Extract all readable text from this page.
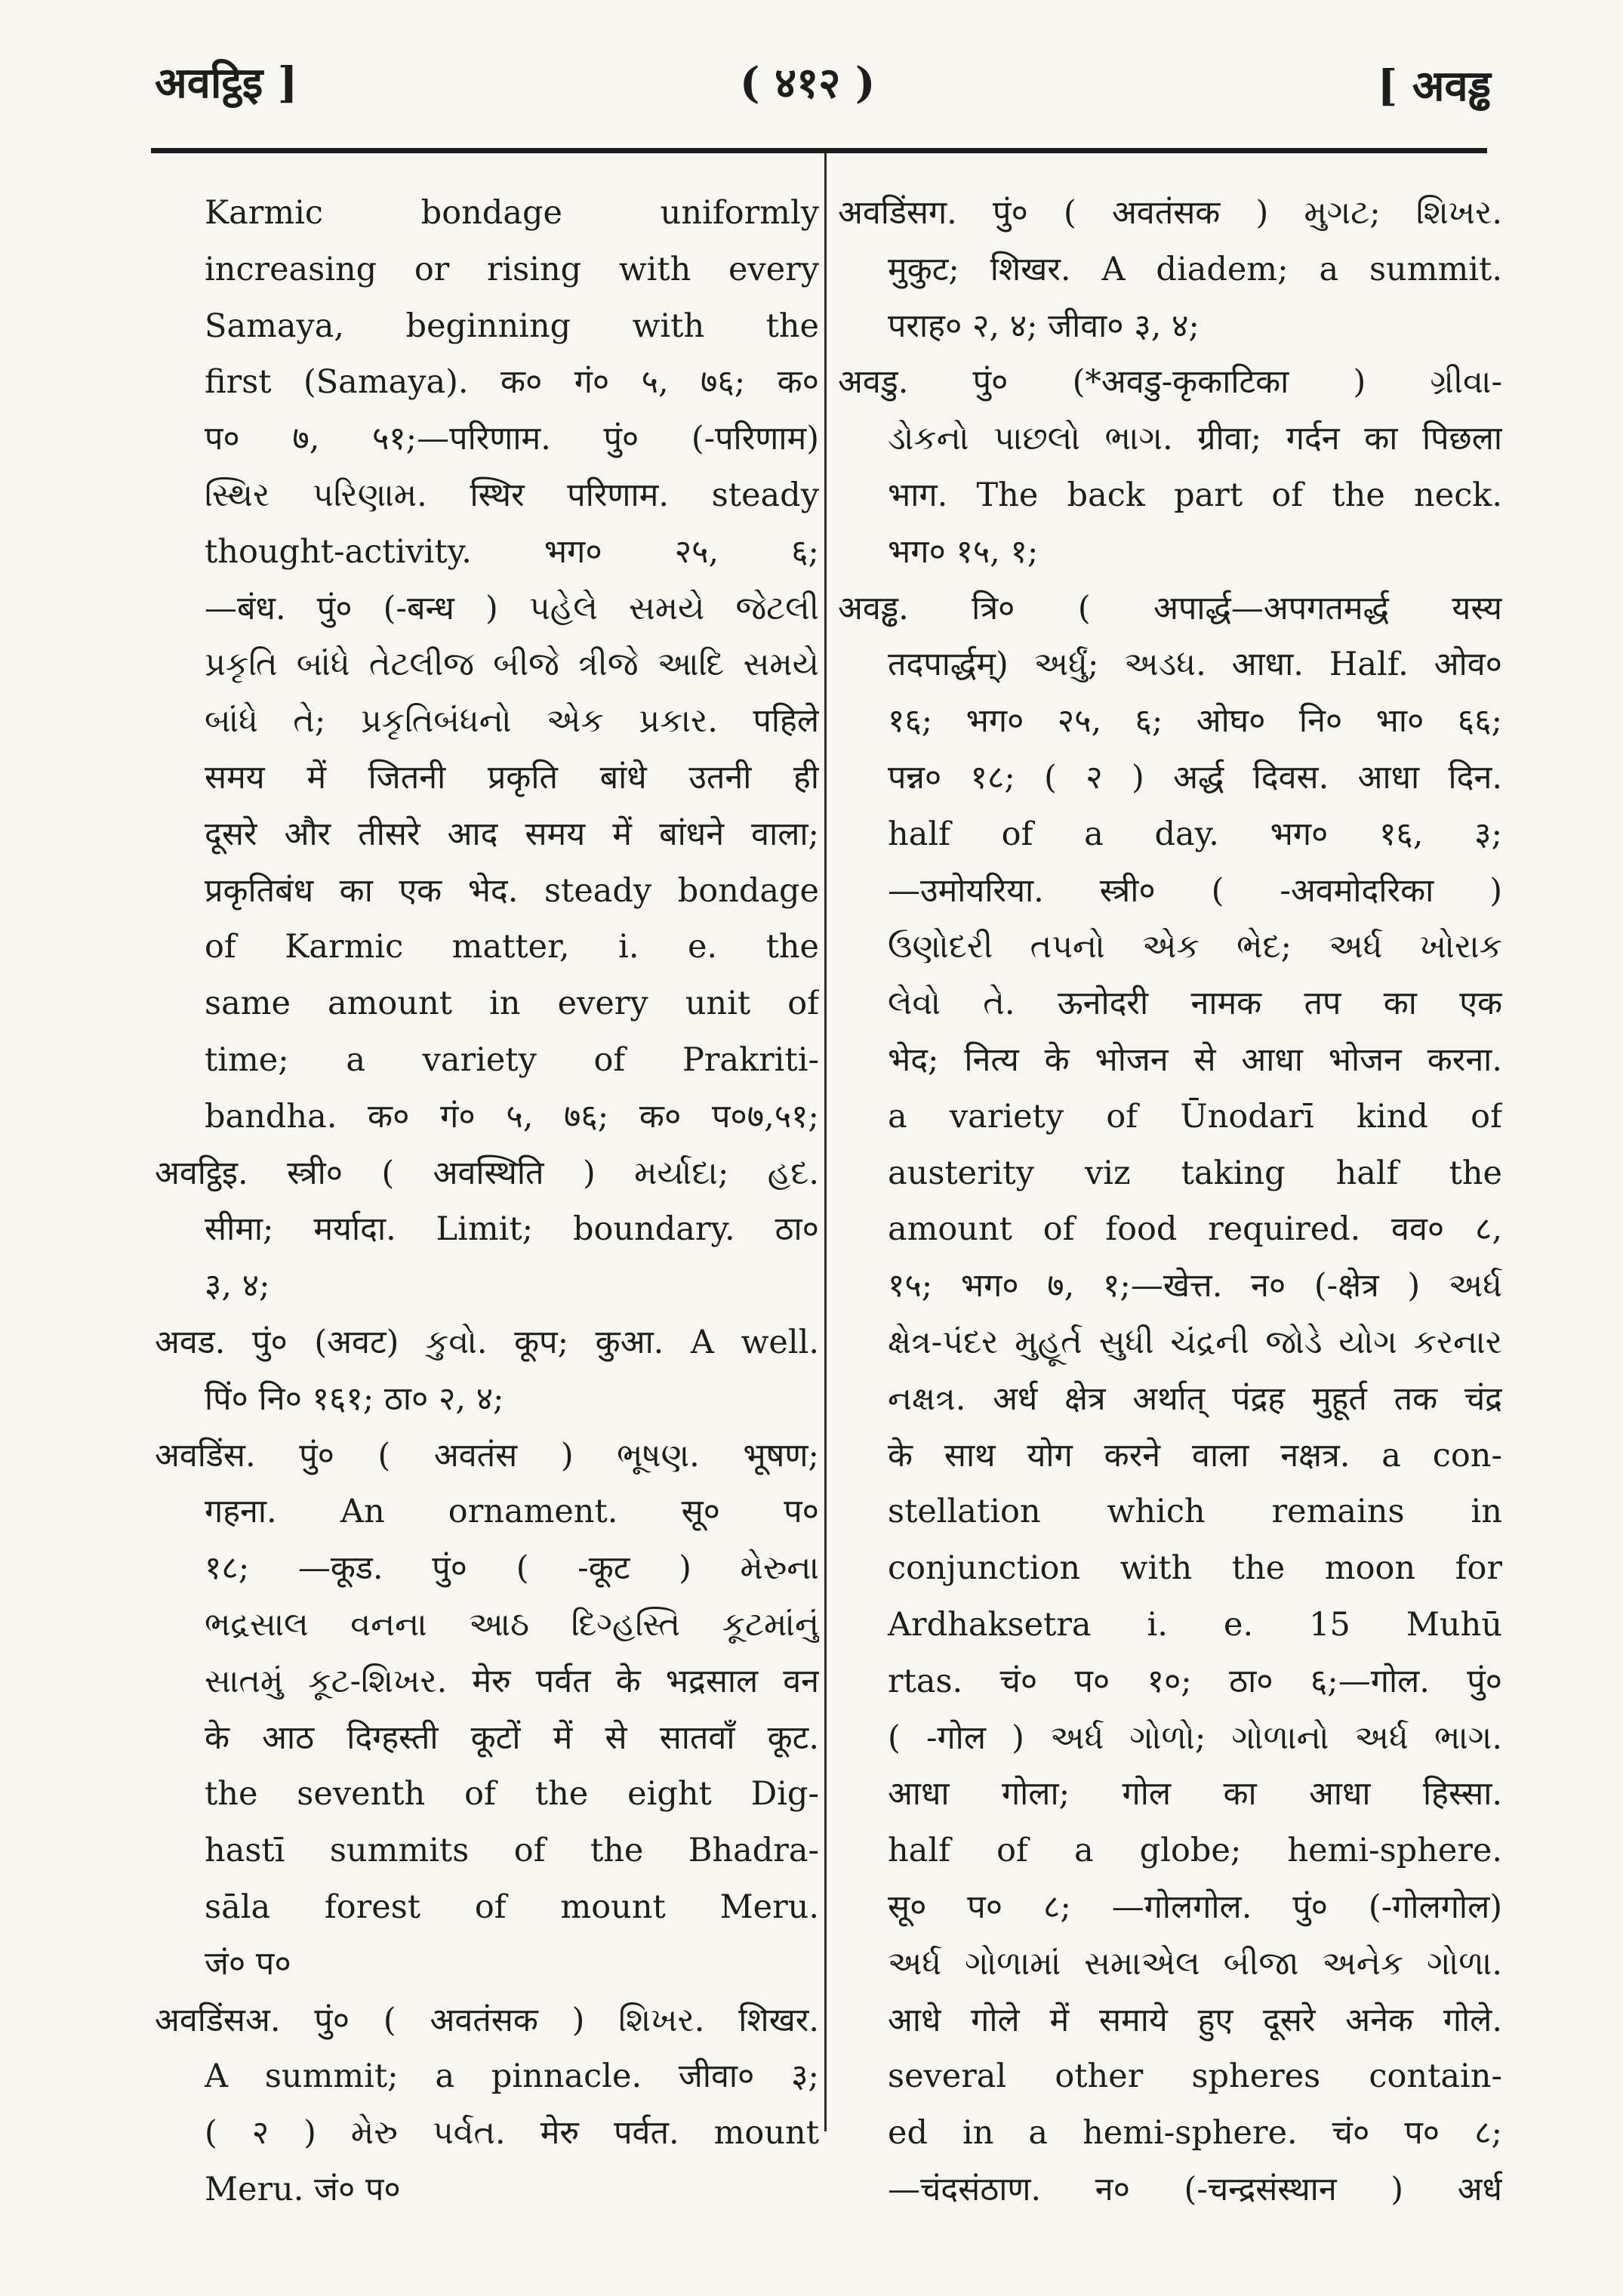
अवट्ठिइ ]	( ४१२ )	[ अवड्ढ
Karmic bondage uniformly
increasing or rising with every
Samaya, beginning with the
first (Samaya). क० गं० ५, ७६; क०
प० ७, ५१;—परिणाम. पुं० (-परिणाम)
સ્થિર પરિણામ. स्थिर परिणाम. steady
thought-activity. भग० २५, ६;
—बंध. पुं० (-बन्ध ) પહેલે સમયે જેટલી
પ્રકૃતિ બાંધે તેટલીજ બીજે ત્રીજે આદિ સમયે
બાંધે તે; પ્રકૃતિબંધનો એક પ્રકાર. पहिले
समय में जितनी प्रकृति बांधे उतनी ही
दूसरे और तीसरे आद समय में बांधने वाला;
प्रकृतिबंध का एक भेद. steady bondage
of Karmic matter, i. e. the
same amount in every unit of
time; a variety of Prakriti-
bandha. क० गं० ५, ७६; क० प०७,५१;
अवट्ठिइ. स्त्री० ( अवस्थिति ) મર્યાદા; હદ.
सीमा; मर्यादा. Limit; boundary. ठा०
३, ४;
अवड. पुं० (अवट) કુવો. कूप; कुआ. A well.
पिं० नि० १६१; ठा० २, ४;
अवडिंस. पुं० ( अवतंस ) ભૂષણ. भूषण;
गहना. An ornament. सू० प०
१८; —कूड. पुं० ( -कूट ) મેરુના
ભદ્રસાલ વનના આઠ દિગ્હસ્તિ કૂટમાંનું
સાતમું કૂટ-શિખર. मेरु पर्वत के भद्रसाल वन
के आठ दिग्हस्ती कूटों में से सातवाँ कूट.
the seventh of the eight Dig-
hastī summits of the Bhadra-
sāla forest of mount Meru.
जं० प०
अवडिंसअ. पुं० ( अवतंसक ) શિખર. शिखर.
A summit; a pinnacle. जीवा० ३;
( २ ) મેરુ પર્વત. मेरु पर्वत. mount
Meru. जं० प०
अवडिंसग. पुं० ( अवतंसक ) મુગટ; શિખર.
मुकुट; शिखर. A diadem; a summit.
पराह० २, ४; जीवा० ३, ४;
अवडु. पुं० (*अवडु-कृकाटिका ) ગ્રીવા-
ડોકનો પાછલો ભાગ. ग्रीवा; गर्दन का पिछला
भाग. The back part of the neck.
भग० १५, १;
अवड्ढ. त्रि० ( अपार्द्ध—अपगतमर्द्ध यस्य
तदपार्द्धम्) અર્ધું; અડધ. आधा. Half. ओव०
१६; भग० २५, ६; ओघ० नि० भा० ६६;
पन्न० १८; ( २ ) अर्द्ध दिवस. आधा दिन.
half of a day. भग० १६, ३;
—उमोयरिया. स्त्री० ( -अवमोदरिका )
ઉણોદરી તપનો એક ભેદ; અર્ધ ખોરાક
લેવો તે. ऊनोदरी नामक तप का एक
भेद; नित्य के भोजन से आधा भोजन करना.
a variety of Ūnodarī kind of
austerity viz taking half the
amount of food required. वव० ८,
१५; भग० ७, १;—खेत्त. न० (-क्षेत्र ) અર્ધ
ક્ષેત્ર-પંદર મુહૂર્ત સુધી ચંદ્રની જોડે યોગ કરનાર
નક્ષત્ર. अर्ध क्षेत्र अर्थात् पंद्रह मुहूर्त तक चंद्र
के साथ योग करने वाला नक्षत्र. a con-
stellation which remains in
conjunction with the moon for
Ardhaksetra i. e. 15 Muhū
rtas. चं० प० १०; ठा० ६;—गोल. पुं०
( -गोल ) અર્ધ ગોળો; ગોળાનો અર્ધ ભાગ.
आधा गोला; गोल का आधा हिस्सा.
half of a globe; hemi-sphere.
सू० प० ८; —गोलगोल. पुं० (-गोलगोल)
અર્ધ ગોળામાં સમાએલ બીજા અનેક ગોળા.
आधे गोले में समाये हुए दूसरे अनेक गोले.
several other spheres contain-
ed in a hemi-sphere. चं० प० ८;
—चंदसंठाण. न० (-चन्द्रसंस्थान ) अर्ध
